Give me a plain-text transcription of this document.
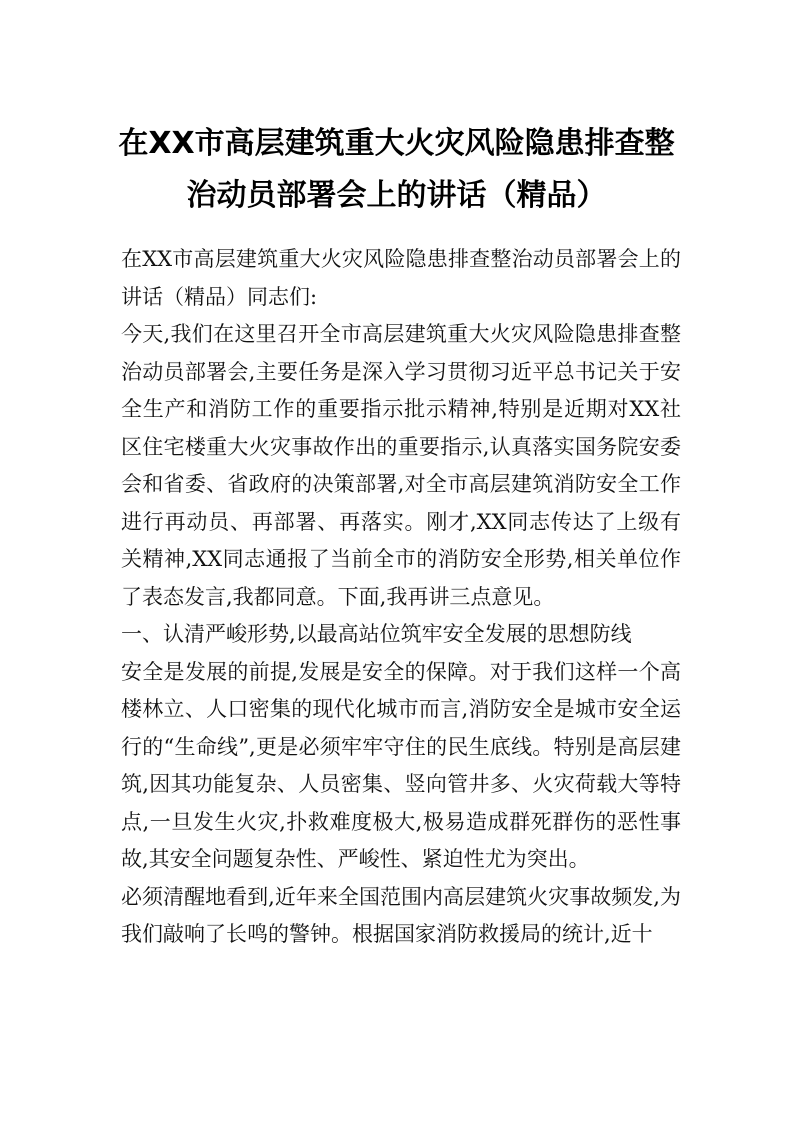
在XX市高层建筑重大火灾风险隐患排查整
治动员部署会上的讲话（精品）

在XX市高层建筑重大火灾风险隐患排查整治动员部署会上的讲话（精品）同志们:

今天,我们在这里召开全市高层建筑重大火灾风险隐患排查整治动员部署会,主要任务是深入学习贯彻习近平总书记关于安全生产和消防工作的重要指示批示精神,特别是近期对XX社区住宅楼重大火灾事故作出的重要指示,认真落实国务院安委会和省委、省政府的决策部署,对全市高层建筑消防安全工作进行再动员、再部署、再落实。刚才,XX同志传达了上级有关精神,XX同志通报了当前全市的消防安全形势,相关单位作了表态发言,我都同意。下面,我再讲三点意见。

一、认清严峻形势,以最高站位筑牢安全发展的思想防线

安全是发展的前提,发展是安全的保障。对于我们这样一个高楼林立、人口密集的现代化城市而言,消防安全是城市安全运行的“生命线”,更是必须牢牢守住的民生底线。特别是高层建筑,因其功能复杂、人员密集、竖向管井多、火灾荷载大等特点,一旦发生火灾,扑救难度极大,极易造成群死群伤的恶性事故,其安全问题复杂性、严峻性、紧迫性尤为突出。

必须清醒地看到,近年来全国范围内高层建筑火灾事故频发,为我们敲响了长鸣的警钟。根据国家消防救援局的统计,近十
